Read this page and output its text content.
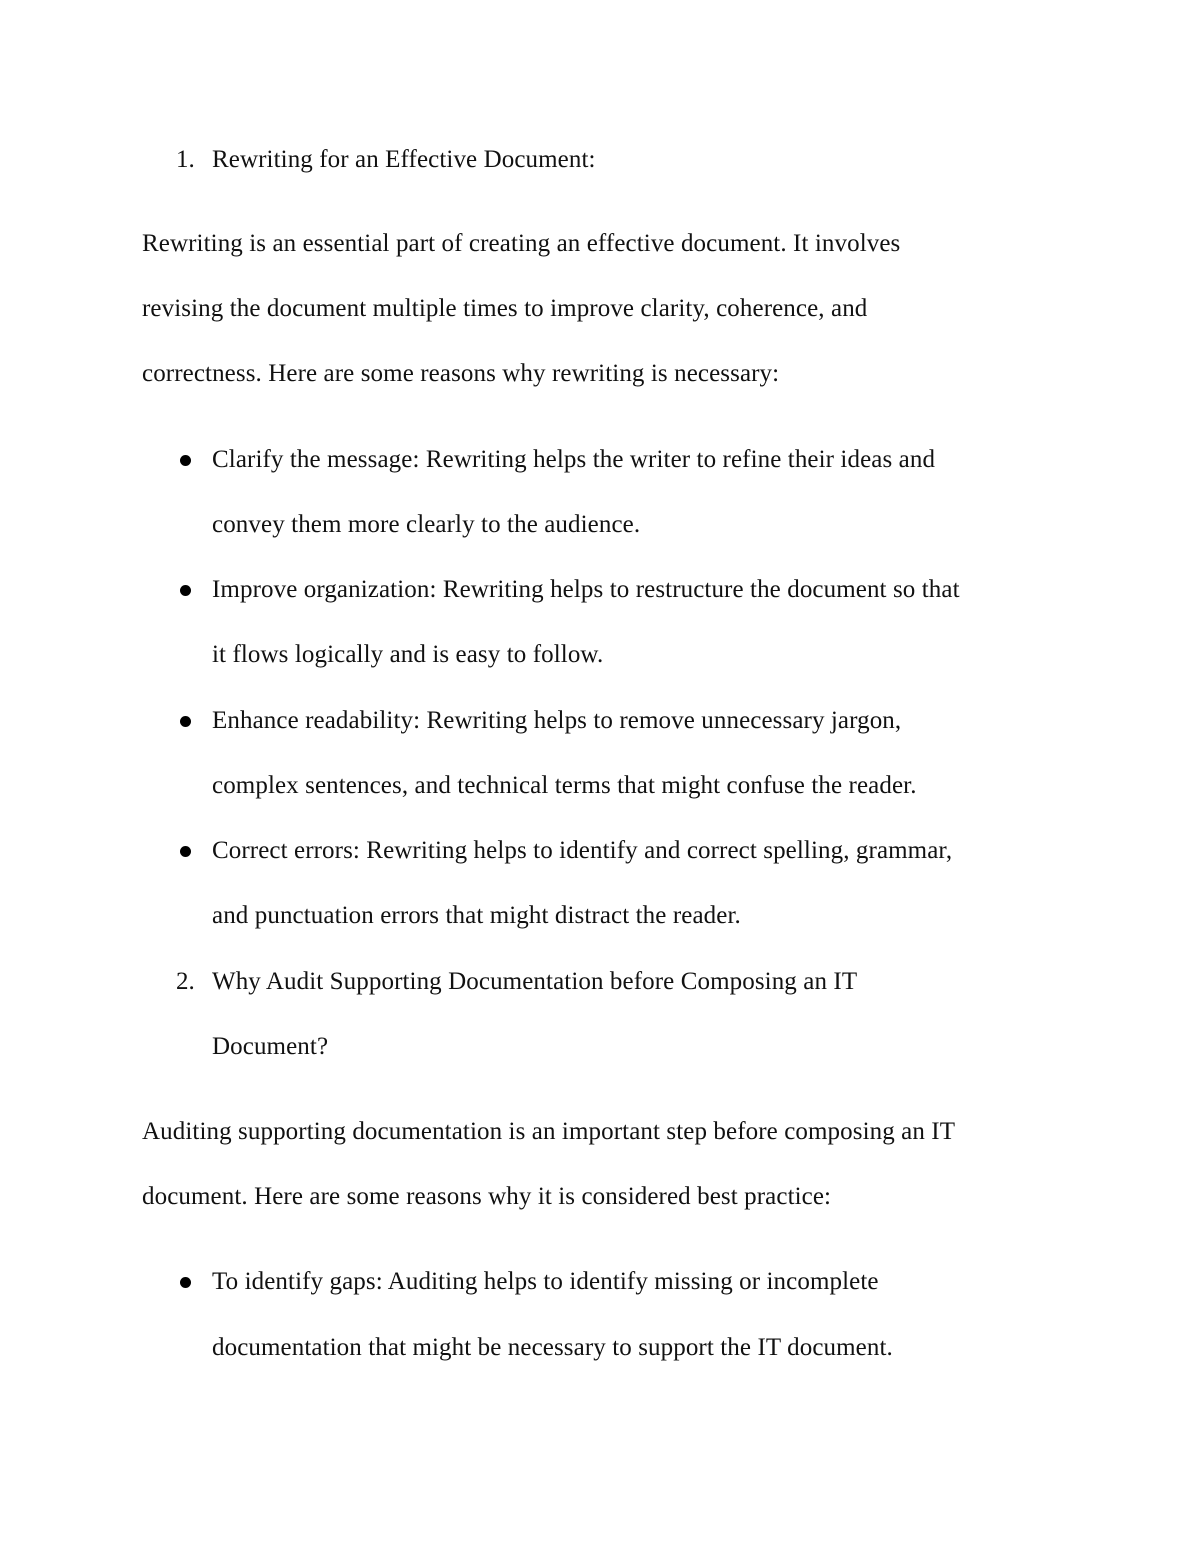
1. Rewriting for an Effective Document:
Rewriting is an essential part of creating an effective document. It involves
revising the document multiple times to improve clarity, coherence, and
correctness. Here are some reasons why rewriting is necessary:
Clarify the message: Rewriting helps the writer to refine their ideas and
convey them more clearly to the audience.
Improve organization: Rewriting helps to restructure the document so that
it flows logically and is easy to follow.
Enhance readability: Rewriting helps to remove unnecessary jargon,
complex sentences, and technical terms that might confuse the reader.
Correct errors: Rewriting helps to identify and correct spelling, grammar,
and punctuation errors that might distract the reader.
2. Why Audit Supporting Documentation before Composing an IT
Document?
Auditing supporting documentation is an important step before composing an IT
document. Here are some reasons why it is considered best practice:
To identify gaps: Auditing helps to identify missing or incomplete
documentation that might be necessary to support the IT document.
